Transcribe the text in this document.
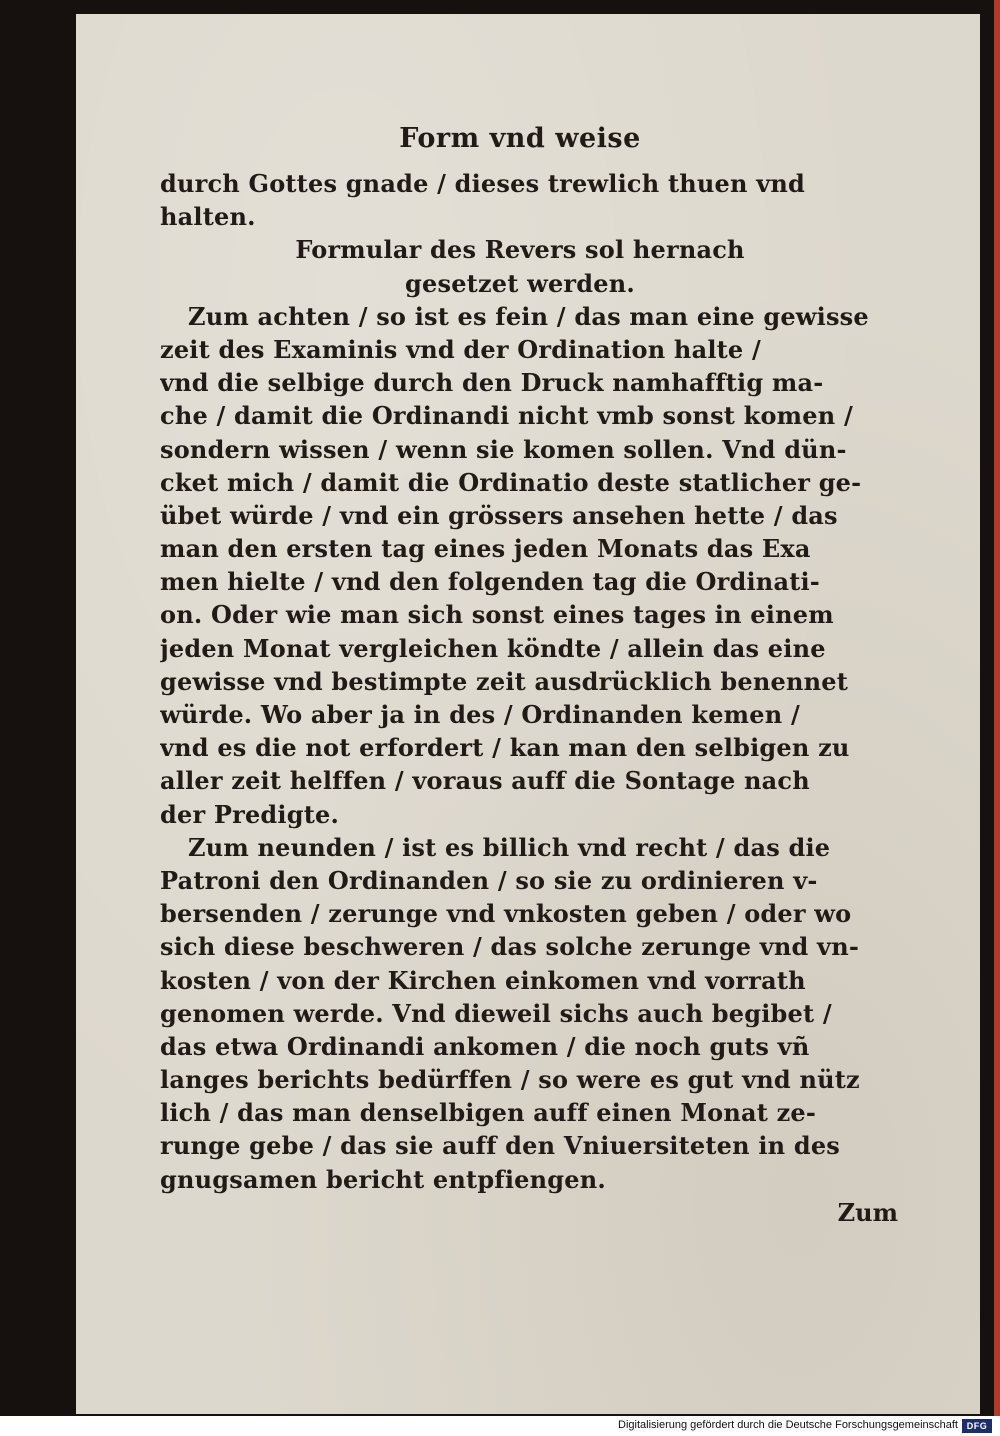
Form vnd weise
durch Gottes gnade / dieses trewlich thuen vnd
halten.
Formular des Revers sol hernach
gesetzet werden.
Zum achten / so ist es fein / das man eine gewisse
zeit des Examinis vnd der Ordination halte /
vnd die selbige durch den Druck namhafftig ma-
che / damit die Ordinandi nicht vmb sonst komen /
sondern wissen / wenn sie komen sollen. Vnd dün-
cket mich / damit die Ordinatio deste statlicher ge-
übet würde / vnd ein grössers ansehen hette / das
man den ersten tag eines jeden Monats das Exa
men hielte / vnd den folgenden tag die Ordinati-
on. Oder wie man sich sonst eines tages in einem
jeden Monat vergleichen köndte / allein das eine
gewisse vnd bestimpte zeit ausdrücklich benennet
würde. Wo aber ja in des / Ordinanden kemen /
vnd es die not erfordert / kan man den selbigen zu
aller zeit helffen / voraus auff die Sontage nach
der Predigte.
Zum neunden / ist es billich vnd recht / das die
Patroni den Ordinanden / so sie zu ordinieren v-
bersenden / zerunge vnd vnkosten geben / oder wo
sich diese beschweren / das solche zerunge vnd vn-
kosten / von der Kirchen einkomen vnd vorrath
genomen werde. Vnd dieweil sichs auch begibet /
das etwa Ordinandi ankomen / die noch guts vñ
langes berichts bedürffen / so were es gut vnd nütz
lich / das man denselbigen auff einen Monat ze-
runge gebe / das sie auff den Vniuersiteten in des
gnugsamen bericht entpfiengen.
Zum
Digitalisierung gefördert durch die Deutsche Forschungsgemeinschaft DFG
